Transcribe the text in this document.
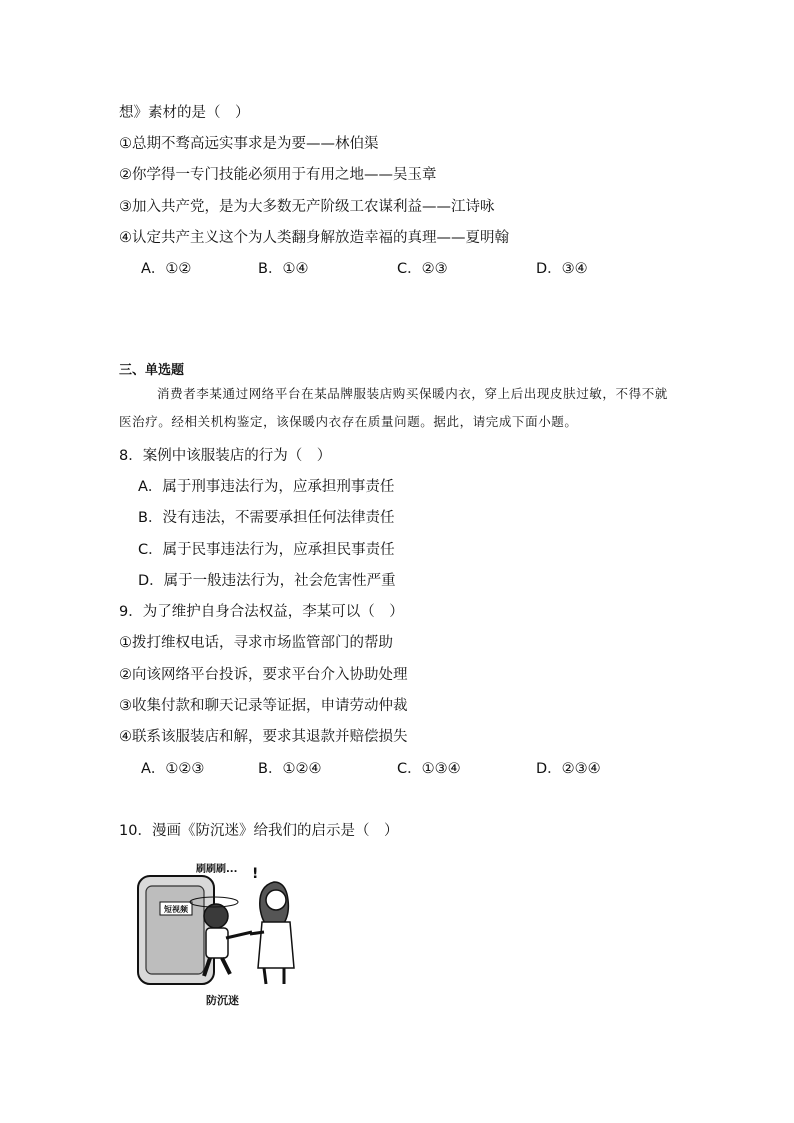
想》素材的是（　）
①总期不骛高远实事求是为要——林伯渠
②你学得一专门技能必须用于有用之地——吴玉章
③加入共产党，是为大多数无产阶级工农谋利益——江诗咏
④认定共产主义这个为人类翻身解放造幸福的真理——夏明翰
A．①②	B．①④	C．②③	D．③④
三、单选题
消费者李某通过网络平台在某品牌服装店购买保暖内衣，穿上后出现皮肤过敏，不得不就医治疗。经相关机构鉴定，该保暖内衣存在质量问题。据此，请完成下面小题。
8．案例中该服装店的行为（　）
A．属于刑事违法行为，应承担刑事责任
B．没有违法，不需要承担任何法律责任
C．属于民事违法行为，应承担民事责任
D．属于一般违法行为，社会危害性严重
9．为了维护自身合法权益，李某可以（　）
①拨打维权电话，寻求市场监管部门的帮助
②向该网络平台投诉，要求平台介入协助处理
③收集付款和聊天记录等证据，申请劳动仲裁
④联系该服装店和解，要求其退款并赔偿损失
A．①②③	B．①②④	C．①③④	D．②③④
10．漫画《防沉迷》给我们的启示是（　）
短视频
!
刷刷刷...
防沉迷
